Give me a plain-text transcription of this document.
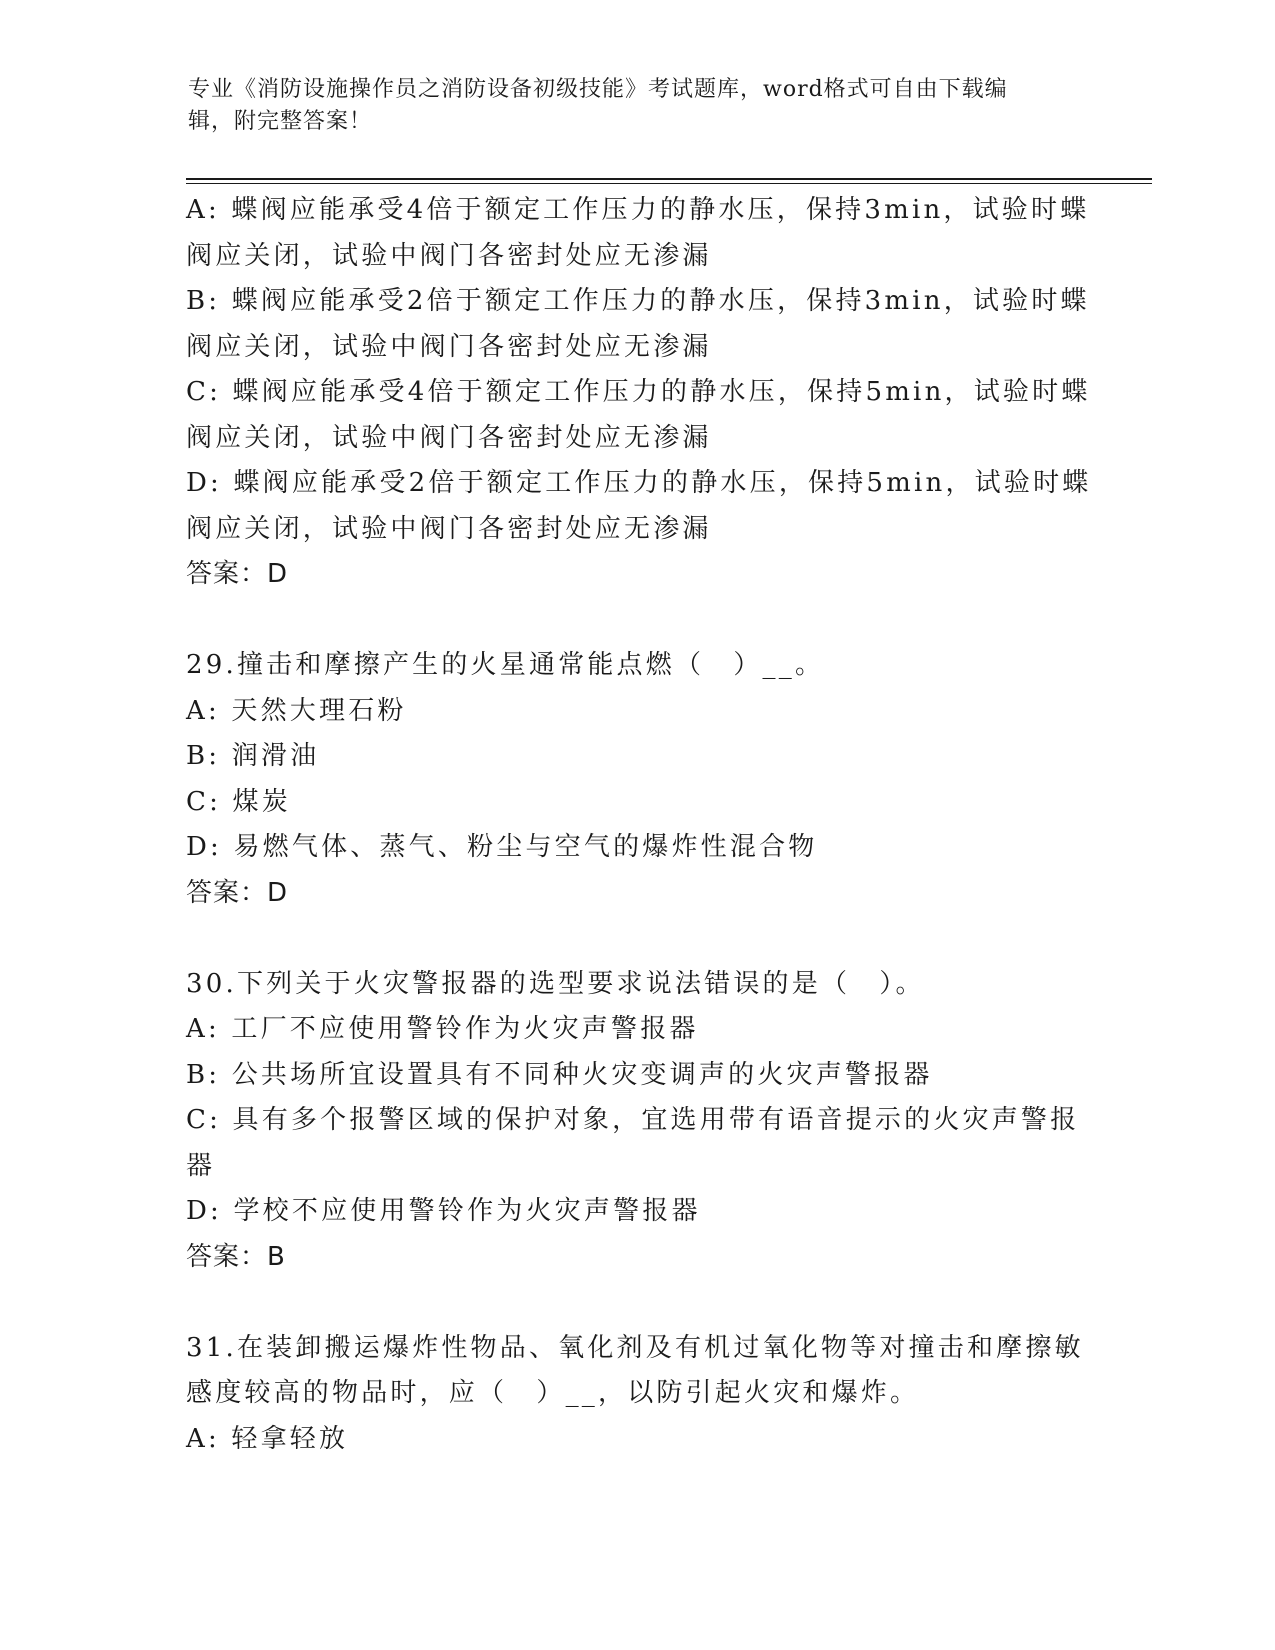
专业《消防设施操作员之消防设备初级技能》考试题库，word格式可自由下载编
辑，附完整答案！
A: 蝶阀应能承受4倍于额定工作压力的静水压，保持3min，试验时蝶
阀应关闭，试验中阀门各密封处应无渗漏
B: 蝶阀应能承受2倍于额定工作压力的静水压，保持3min，试验时蝶
阀应关闭，试验中阀门各密封处应无渗漏
C: 蝶阀应能承受4倍于额定工作压力的静水压，保持5min，试验时蝶
阀应关闭，试验中阀门各密封处应无渗漏
D: 蝶阀应能承受2倍于额定工作压力的静水压，保持5min，试验时蝶
阀应关闭，试验中阀门各密封处应无渗漏
答案：D
29.撞击和摩擦产生的火星通常能点燃（　）__。
A: 天然大理石粉
B: 润滑油
C: 煤炭
D: 易燃气体、蒸气、粉尘与空气的爆炸性混合物
答案：D
30.下列关于火灾警报器的选型要求说法错误的是（　）。
A: 工厂不应使用警铃作为火灾声警报器
B: 公共场所宜设置具有不同种火灾变调声的火灾声警报器
C: 具有多个报警区域的保护对象，宜选用带有语音提示的火灾声警报
器
D: 学校不应使用警铃作为火灾声警报器
答案：B
31.在装卸搬运爆炸性物品、氧化剂及有机过氧化物等对撞击和摩擦敏
感度较高的物品时，应（　）__，以防引起火灾和爆炸。
A: 轻拿轻放
